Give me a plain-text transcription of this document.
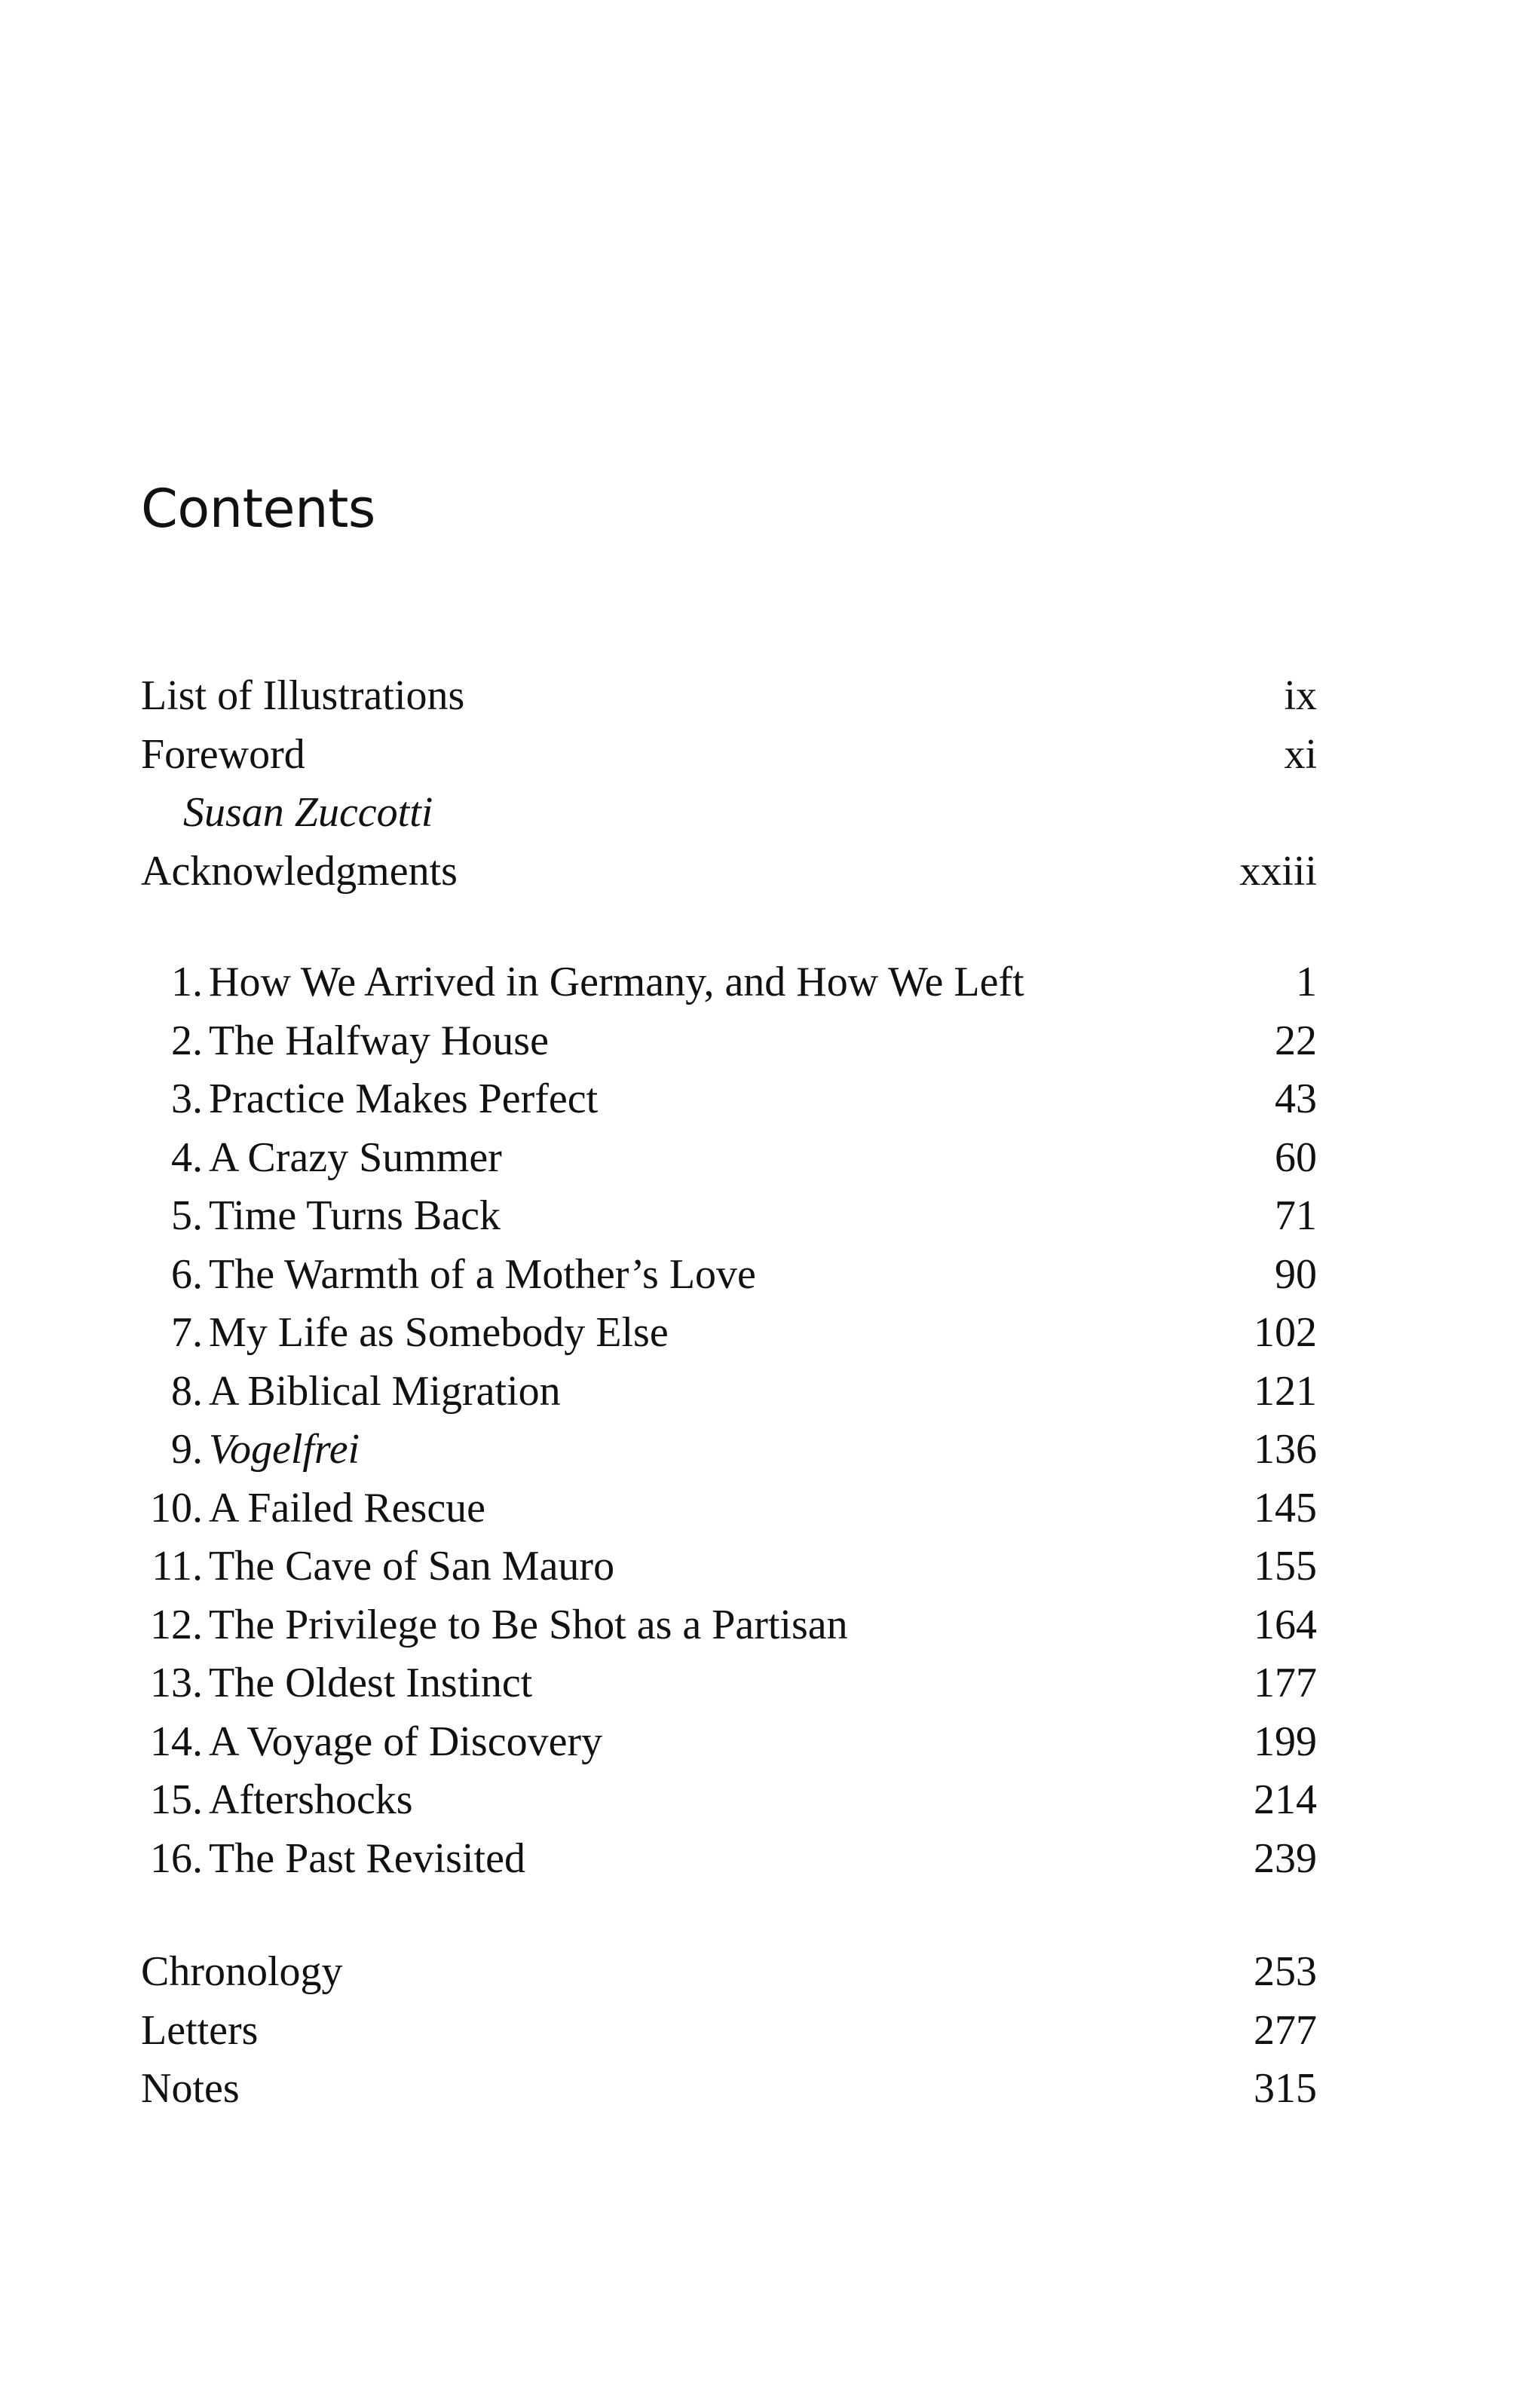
Contents
List of Illustrations	ix
Foreword	xi
Susan Zuccotti
Acknowledgments	xxiii
1. How We Arrived in Germany, and How We Left	1
2. The Halfway House	22
3. Practice Makes Perfect	43
4. A Crazy Summer	60
5. Time Turns Back	71
6. The Warmth of a Mother’s Love	90
7. My Life as Somebody Else	102
8. A Biblical Migration	121
9. Vogelfrei	136
10. A Failed Rescue	145
11. The Cave of San Mauro	155
12. The Privilege to Be Shot as a Partisan	164
13. The Oldest Instinct	177
14. A Voyage of Discovery	199
15. Aftershocks	214
16. The Past Revisited	239
Chronology	253
Letters	277
Notes	315
